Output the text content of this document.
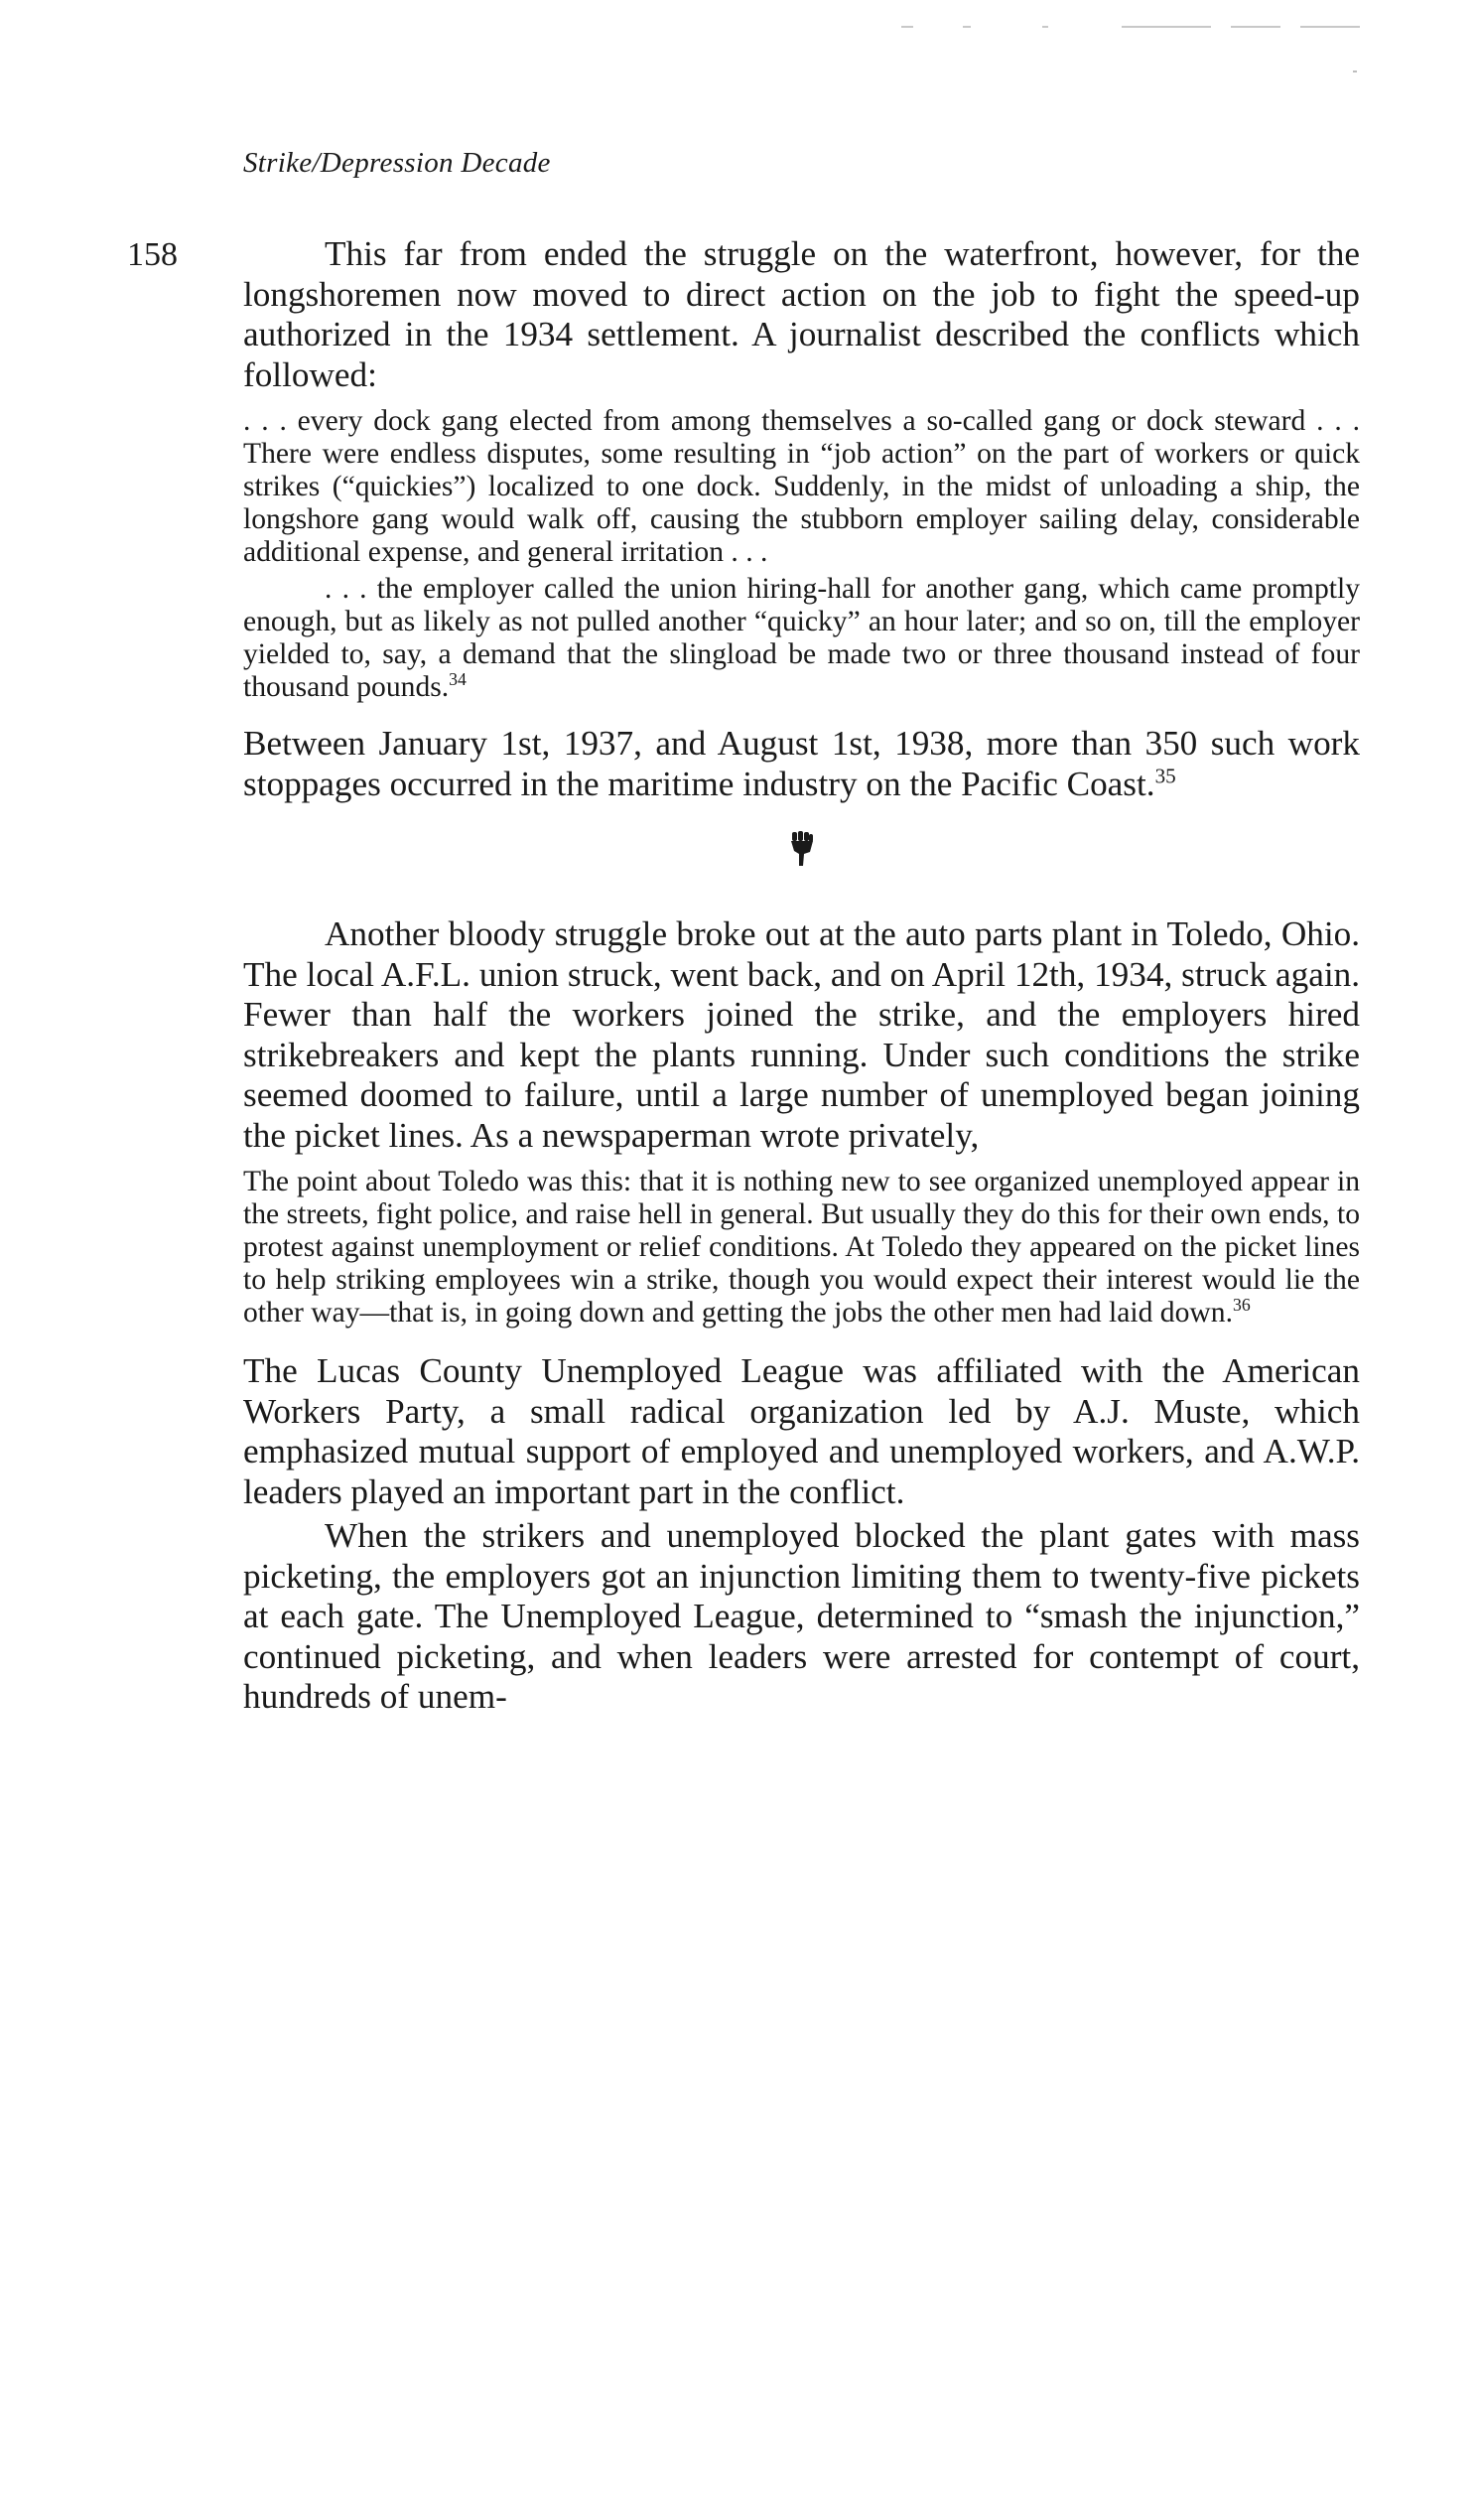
Strike/Depression Decade
158	This far from ended the struggle on the waterfront, however, for the longshoremen now moved to direct action on the job to fight the speed-up authorized in the 1934 settlement. A journalist described the conflicts which followed:

. . . every dock gang elected from among themselves a so-called gang or dock steward . . . There were endless disputes, some resulting in “job action” on the part of workers or quick strikes (“quickies”) localized to one dock. Suddenly, in the midst of unloading a ship, the longshore gang would walk off, causing the stubborn employer sailing delay, considerable additional expense, and general irritation . . .

. . . the employer called the union hiring-hall for another gang, which came promptly enough, but as likely as not pulled another “quicky” an hour later; and so on, till the employer yielded to, say, a demand that the slingload be made two or three thousand instead of four thousand pounds.$^{34}$

Between January 1st, 1937, and August 1st, 1938, more than 350 such work stoppages occurred in the maritime industry on the Pacific Coast.$^{35}$

Another bloody struggle broke out at the auto parts plant in Toledo, Ohio. The local A.F.L. union struck, went back, and on April 12th, 1934, struck again. Fewer than half the workers joined the strike, and the employers hired strikebreakers and kept the plants running. Under such conditions the strike seemed doomed to failure, until a large number of unemployed began joining the picket lines. As a newspaperman wrote privately,

The point about Toledo was this: that it is nothing new to see organized unemployed appear in the streets, fight police, and raise hell in general. But usually they do this for their own ends, to protest against unemployment or relief conditions. At Toledo they appeared on the picket lines to help striking employees win a strike, though you would expect their interest would lie the other way—that is, in going down and getting the jobs the other men had laid down.$^{36}$

The Lucas County Unemployed League was affiliated with the American Workers Party, a small radical organization led by A.J. Muste, which emphasized mutual support of employed and unemployed workers, and A.W.P. leaders played an important part in the conflict.

When the strikers and unemployed blocked the plant gates with mass picketing, the employers got an injunction limiting them to twenty-five pickets at each gate. The Unemployed League, determined to “smash the injunction,” continued picketing, and when leaders were arrested for contempt of court, hundreds of unem-
